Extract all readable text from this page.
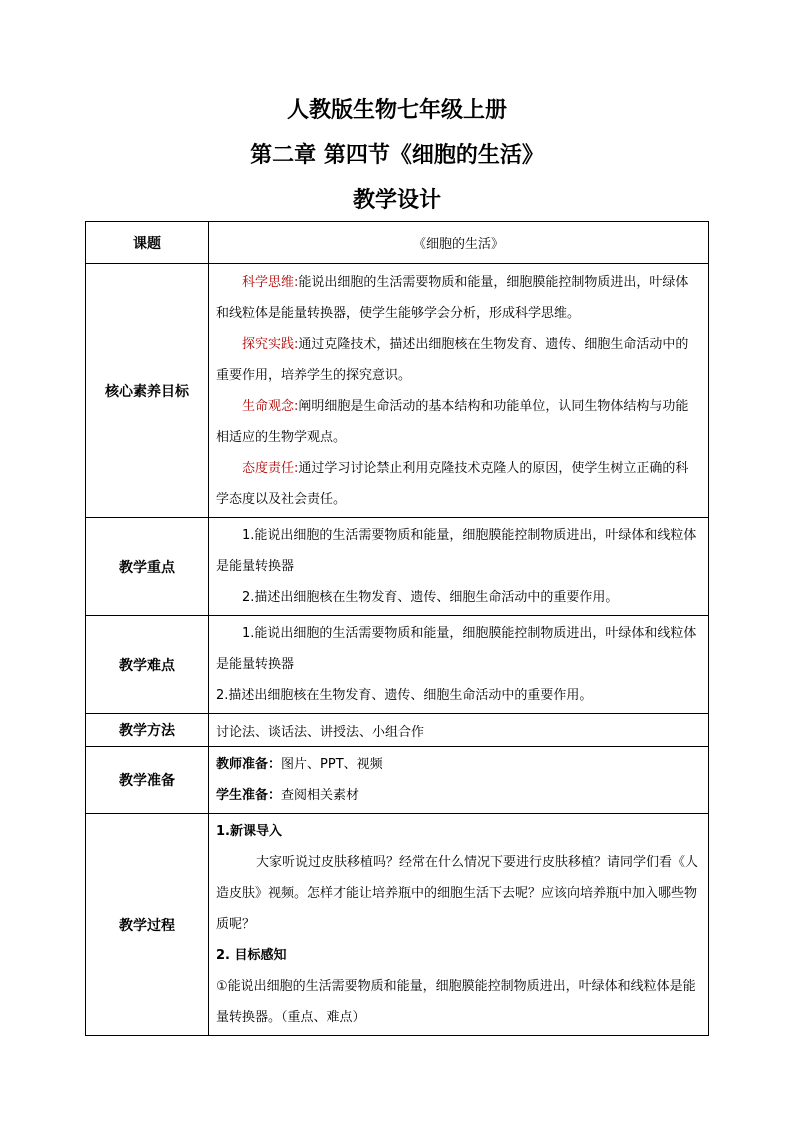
人教版生物七年级上册
第二章 第四节《细胞的生活》
教学设计
课题	《细胞的生活》
核心素养目标	科学思维:能说出细胞的生活需要物质和能量，细胞膜能控制物质进出，叶绿体和线粒体是能量转换器，使学生能够学会分析，形成科学思维。
探究实践:通过克隆技术，描述出细胞核在生物发育、遗传、细胞生命活动中的重要作用，培养学生的探究意识。
生命观念:阐明细胞是生命活动的基本结构和功能单位，认同生物体结构与功能相适应的生物学观点。
态度责任:通过学习讨论禁止利用克隆技术克隆人的原因，使学生树立正确的科学态度以及社会责任。

教学重点	1.能说出细胞的生活需要物质和能量，细胞膜能控制物质进出，叶绿体和线粒体是能量转换器
2.描述出细胞核在生物发育、遗传、细胞生命活动中的重要作用。

教学难点	1.能说出细胞的生活需要物质和能量，细胞膜能控制物质进出，叶绿体和线粒体是能量转换器
2.描述出细胞核在生物发育、遗传、细胞生命活动中的重要作用。

教学方法	讨论法、谈话法、讲授法、小组合作
教学准备	教师准备：图片、PPT、视频
学生准备：查阅相关素材

教学过程	1.新课导入
大家听说过皮肤移植吗？经常在什么情况下要进行皮肤移植？请同学们看《人造皮肤》视频。怎样才能让培养瓶中的细胞生活下去呢？应该向培养瓶中加入哪些物质呢？
2. 目标感知
①能说出细胞的生活需要物质和能量，细胞膜能控制物质进出，叶绿体和线粒体是能量转换器。（重点、难点）
